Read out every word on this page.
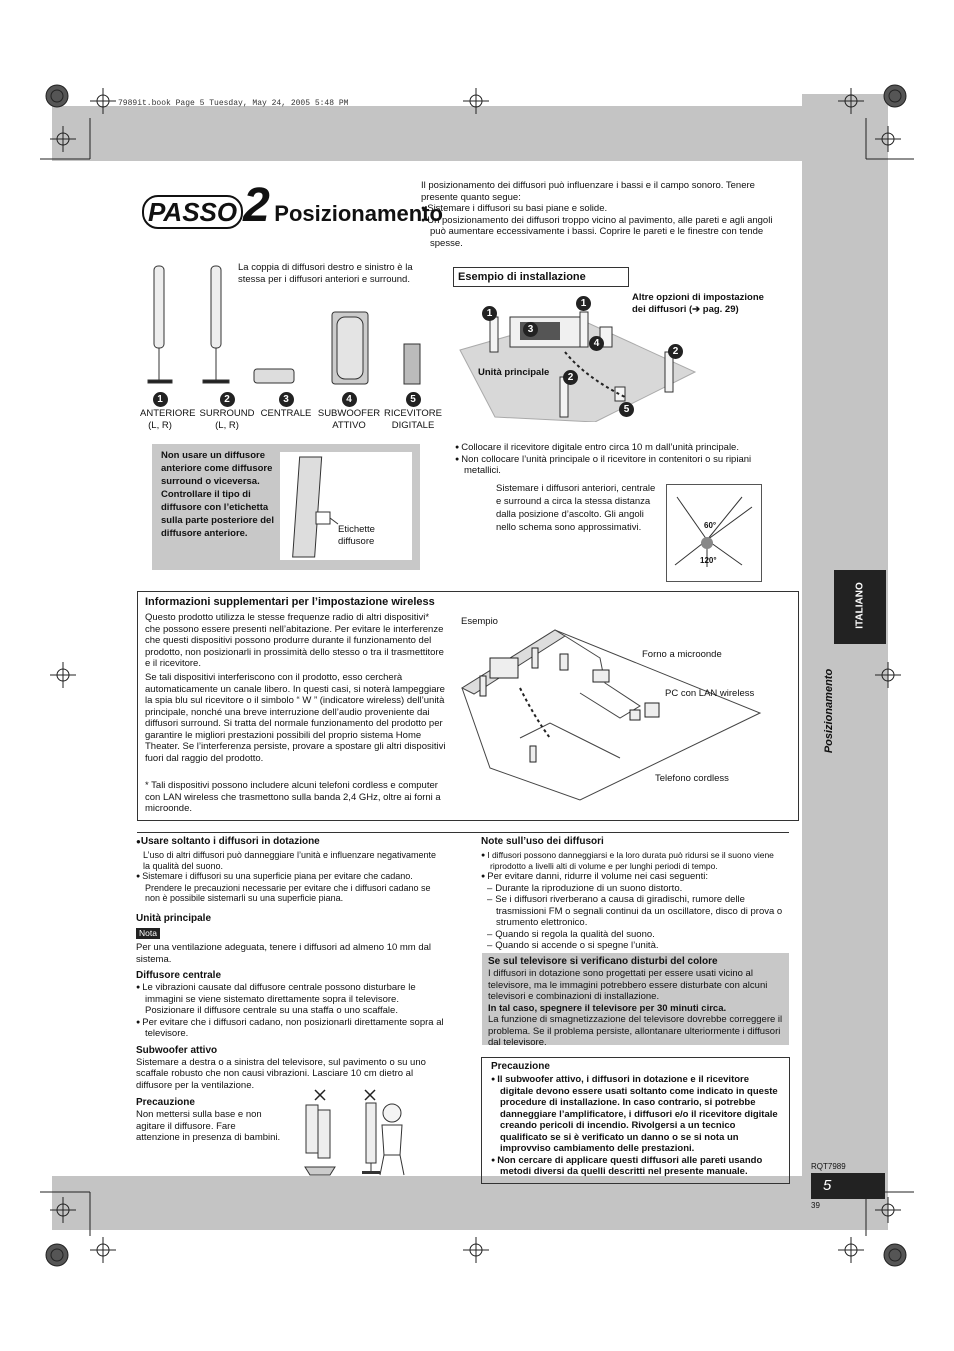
7989it.book Page 5 Tuesday, May 24, 2005 5:48 PM
PASSO 2 Posizionamento
Il posizionamento dei diffusori può influenzare i bassi e il campo sonoro. Tenere presente quanto segue:
● Sistemare i diffusori su basi piane e solide.
● Un posizionamento dei diffusori troppo vicino al pavimento, alle pareti e agli angoli può aumentare eccessivamente i bassi. Coprire le pareti e le finestre con tende spesse.
La coppia di diffusori destro e sinistro è la stessa per i diffusori anteriori e surround.
1
ANTERIORE (L, R)
2
SURROUND (L, R)
3
CENTRALE
4
SUBWOOFER ATTIVO
5
RICEVITORE DIGITALE
Esempio di installazione
1
1
3
4
2
2
5
Altre opzioni di impostazione dei diffusori (➔ pag. 29)
Unità principale
Non usare un diffusore anteriore come diffusore surround o viceversa. Controllare il tipo di diffusore con l’etichetta sulla parte posteriore del diffusore anteriore.	Etichette diffusore
● Collocare il ricevitore digitale entro circa 10 m dall’unità principale.
● Non collocare l’unità principale o il ricevitore in contenitori o su ripiani metallici.
Sistemare i diffusori anteriori, centrale e surround a circa la stessa distanza dalla posizione d’ascolto. Gli angoli nello schema sono approssimativi.	60°
120°
ITALIANO
Posizionamento
Informazioni supplementari per l’impostazione wireless
Questo prodotto utilizza le stesse frequenze radio di altri dispositivi* che possono essere presenti nell’abitazione. Per evitare le interferenze che questi dispositivi possono produrre durante il funzionamento del prodotto, non posizionarli in prossimità dello stesso o tra il trasmettitore e il ricevitore.
Se tali dispositivi interferiscono con il prodotto, esso cercherà automaticamente un canale libero. In questi casi, si noterà lampeggiare la spia blu sul ricevitore o il simbolo “ W ” (indicatore wireless) dell’unità principale, nonché una breve interruzione dell’audio proveniente dai diffusori surround. Si tratta del normale funzionamento del prodotto per garantire le migliori prestazioni possibili del proprio sistema Home Theater. Se l’interferenza persiste, provare a spostare gli altri dispositivi fuori dal raggio del prodotto.
* Tali dispositivi possono includere alcuni telefoni cordless e computer con LAN wireless che trasmettono sulla banda 2,4 GHz, oltre ai forni a microonde.
Esempio
Forno a microonde
PC con LAN wireless
Telefono cordless
●Usare soltanto i diffusori in dotazione
L’uso di altri diffusori può danneggiare l’unità e influenzare negativamente la qualità del suono.
● Sistemare i diffusori su una superficie piana per evitare che cadano. Prendere le precauzioni necessarie per evitare che i diffusori cadano se non è possibile sistemarli su una superficie piana.
Unità principale
Nota
Per una ventilazione adeguata, tenere i diffusori ad almeno 10 mm dal sistema.
Diffusore centrale
● Le vibrazioni causate dal diffusore centrale possono disturbare le immagini se viene sistemato direttamente sopra il televisore. Posizionare il diffusore centrale su una staffa o uno scaffale.
● Per evitare che i diffusori cadano, non posizionarli direttamente sopra al televisore.
Subwoofer attivo
Sistemare a destra o a sinistra del televisore, sul pavimento o su uno scaffale robusto che non causi vibrazioni. Lasciare 10 cm dietro al diffusore per la ventilazione.
Precauzione
Non mettersi sulla base e non agitare il diffusore. Fare attenzione in presenza di bambini.
Note sull’uso dei diffusori
● I diffusori possono danneggiarsi e la loro durata può ridursi se il suono viene riprodotto a livelli alti di volume e per lunghi periodi di tempo.
● Per evitare danni, ridurre il volume nei casi seguenti:
– Durante la riproduzione di un suono distorto.
– Se i diffusori riverberano a causa di giradischi, rumore delle trasmissioni FM o segnali continui da un oscillatore, disco di prova o strumento elettronico.
– Quando si regola la qualità del suono.
– Quando si accende o si spegne l’unità.
Se sul televisore si verificano disturbi del colore
I diffusori in dotazione sono progettati per essere usati vicino al televisore, ma le immagini potrebbero essere disturbate con alcuni televisori e combinazioni di installazione.
In tal caso, spegnere il televisore per 30 minuti circa.
La funzione di smagnetizzazione del televisore dovrebbe correggere il problema. Se il problema persiste, allontanare ulteriormente i diffusori dal televisore.
Precauzione
● Il subwoofer attivo, i diffusori in dotazione e il ricevitore digitale devono essere usati soltanto come indicato in queste procedure di installazione. In caso contrario, si potrebbe danneggiare l’amplificatore, i diffusori e/o il ricevitore digitale creando pericoli di incendio. Rivolgersi a un tecnico qualificato se si è verificato un danno o se si nota un improvviso cambiamento delle prestazioni.
● Non cercare di applicare questi diffusori alle pareti usando metodi diversi da quelli descritti nel presente manuale.	RQT7989
5
39
